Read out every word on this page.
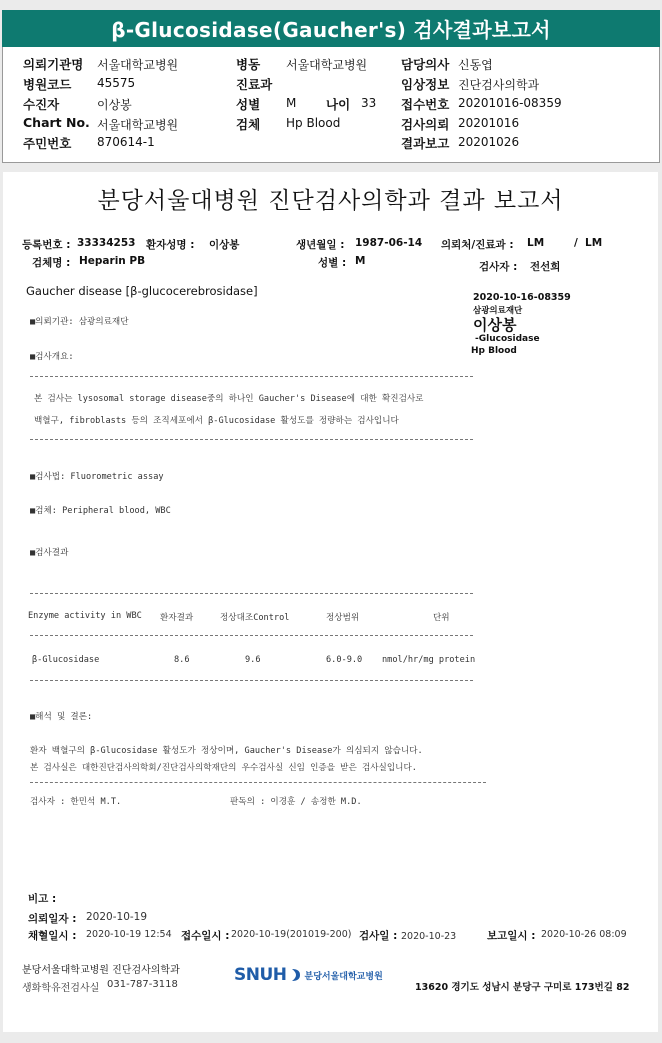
β-Glucosidase(Gaucher's) 검사결과보고서
의뢰기관명 서울대학교병원	병동 서울대학교병원	담당의사 신동엽
병원코드 45575	진료과	임상정보 진단검사의학과
수진자	이상봉	성별 M 나이 33 접수번호 20201016-08359
Chart No. 서울대학교병원	검체 Hp Blood	검사의뢰 20201016
주민번호 870614-1	결과보고 20201026
분당서울대병원 진단검사의학과 결과 보고서
등록번호 : 33334253 환자성명 : 이상봉	생년월일 : 1987-06-14 의뢰처/진료과 : LM	/ LM
검체명 : Heparin PB	성별 : M	검사자 : 전선희
Gaucher disease [β-glucocerebrosidase]	2020-10-16-08359
삼광의료재단
이상봉
-Glucosidase
Hp Blood
■의뢰기관: 삼광의료재단
■검사개요:
본 검사는 lysosomal storage disease중의 하나인 Gaucher's Disease에 대한 확진검사로
백혈구, fibroblasts 등의 조직세포에서 β-Glucosidase 활성도를 정량하는 검사입니다
■검사법: Fluorometric assay
■검체: Peripheral blood, WBC
■검사결과
Enzyme activity in WBC 환자결과	정상대조Control	정상범위	단위
β-Glucosidase	8.6	9.6	6.0-9.0 nmol/hr/mg protein
■해석 및 결론:
환자 백혈구의 β-Glucosidase 활성도가 정상이며, Gaucher's Disease가 의심되지 않습니다.
본 검사실은 대한진단검사의학회/진단검사의학재단의 우수검사실 신임 인증을 받은 검사실입니다.
검사자 : 한민석 M.T.	판독의 : 이경훈 / 송정한 M.D.
비고 :
의뢰일자 : 2020-10-19
채혈일시 : 2020-10-19 12:54 접수일시 : 2020-10-19(201019-200) 검사일 : 2020-10-23	보고일시 : 2020-10-26 08:09
분당서울대학교병원 진단검사의학과
생화학유전검사실 031-787-3118	SNUH 분당서울대학교병원
13620 경기도 성남시 분당구 구미로 173번길 82
